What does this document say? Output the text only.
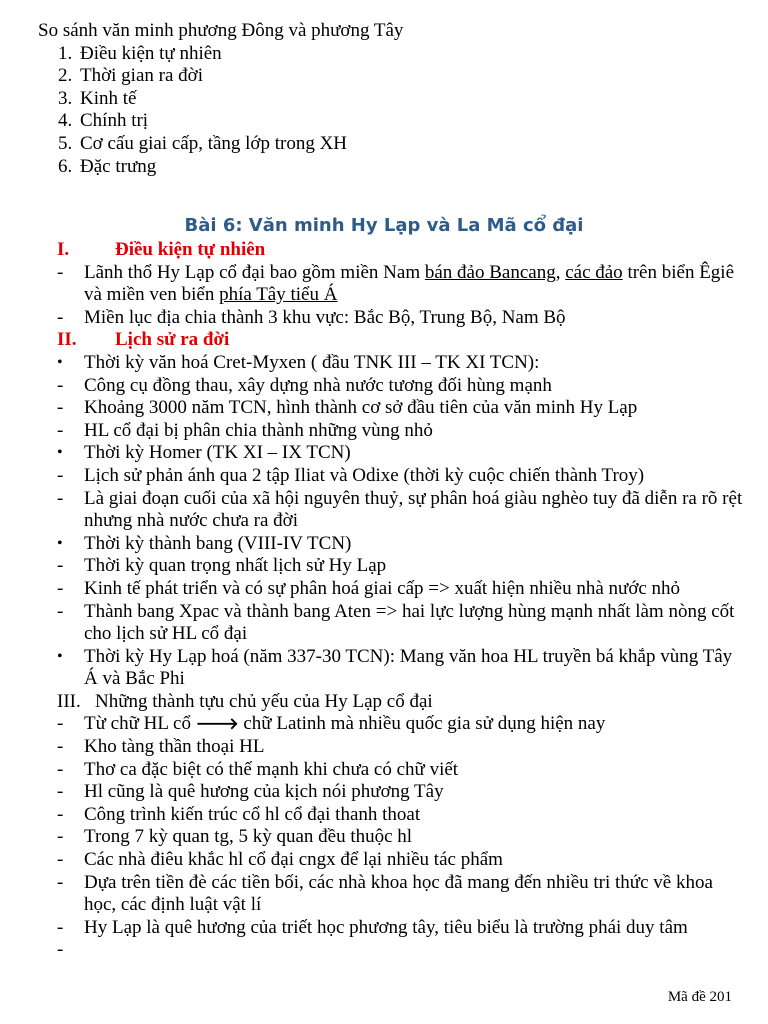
So sánh văn minh phương Đông và phương Tây
1. Điều kiện tự nhiên
2. Thời gian ra đời
3. Kinh tế
4. Chính trị
5. Cơ cấu giai cấp, tầng lớp trong XH
6. Đặc trưng
Bài 6: Văn minh Hy Lạp và La Mã cổ đại
I.	Điều kiện tự nhiên
-	Lãnh thổ Hy Lạp cổ đại bao gồm miền Nam bán đảo Bancang, các đảo trên biển Êgiê và miền ven biển phía Tây tiểu Á
-	Miền lục địa chia thành 3 khu vực: Bắc Bộ, Trung Bộ, Nam Bộ
II.	Lịch sử ra đời
•	Thời kỳ văn hoá Cret-Myxen ( đầu TNK III – TK XI TCN):
-	Công cụ đồng thau, xây dựng nhà nước tương đối hùng mạnh
-	Khoảng 3000 năm TCN, hình thành cơ sở đầu tiên của văn minh Hy Lạp
-	HL cổ đại bị phân chia thành những vùng nhỏ
•	Thời kỳ Homer (TK XI – IX TCN)
-	Lịch sử phản ánh qua 2 tập Iliat và Odixe (thời kỳ cuộc chiến thành Troy)
-	Là giai đoạn cuối của xã hội nguyên thuỷ, sự phân hoá giàu nghèo tuy đã diễn ra rõ rệt nhưng nhà nước chưa ra đời
•	Thời kỳ thành bang (VIII-IV TCN)
-	Thời kỳ quan trọng nhất lịch sử Hy Lạp
-	Kinh tế phát triển và có sự phân hoá giai cấp => xuất hiện nhiều nhà nước nhỏ
-	Thành bang Xpac và thành bang Aten => hai lực lượng hùng mạnh nhất làm nòng cốt cho lịch sử HL cổ đại
•	Thời kỳ Hy Lạp hoá (năm 337-30 TCN): Mang văn hoa HL truyền bá khắp vùng Tây Á và Bắc Phi
III. Những thành tựu chủ yếu của Hy Lạp cổ đại
-	Từ chữ HL cổ 🡒 chữ Latinh mà nhiều quốc gia sử dụng hiện nay
-	Kho tàng thần thoại HL
-	Thơ ca đặc biệt có thế mạnh khi chưa có chữ viết
-	Hl cũng là quê hương của kịch nói phương Tây
-	Công trình kiến trúc cổ hl cổ đại thanh thoat
-	Trong 7 kỳ quan tg, 5 kỳ quan đều thuộc hl
-	Các nhà điêu khắc hl cổ đại cngx để lại nhiều tác phẩm
-	Dựa trên tiền đè các tiền bối, các nhà khoa học đã mang đến nhiều tri thức về khoa học, các định luật vật lí
-	Hy Lạp là quê hương của triết học phương tây, tiêu biểu là trường phái duy tâm
-
Mã đề 201
